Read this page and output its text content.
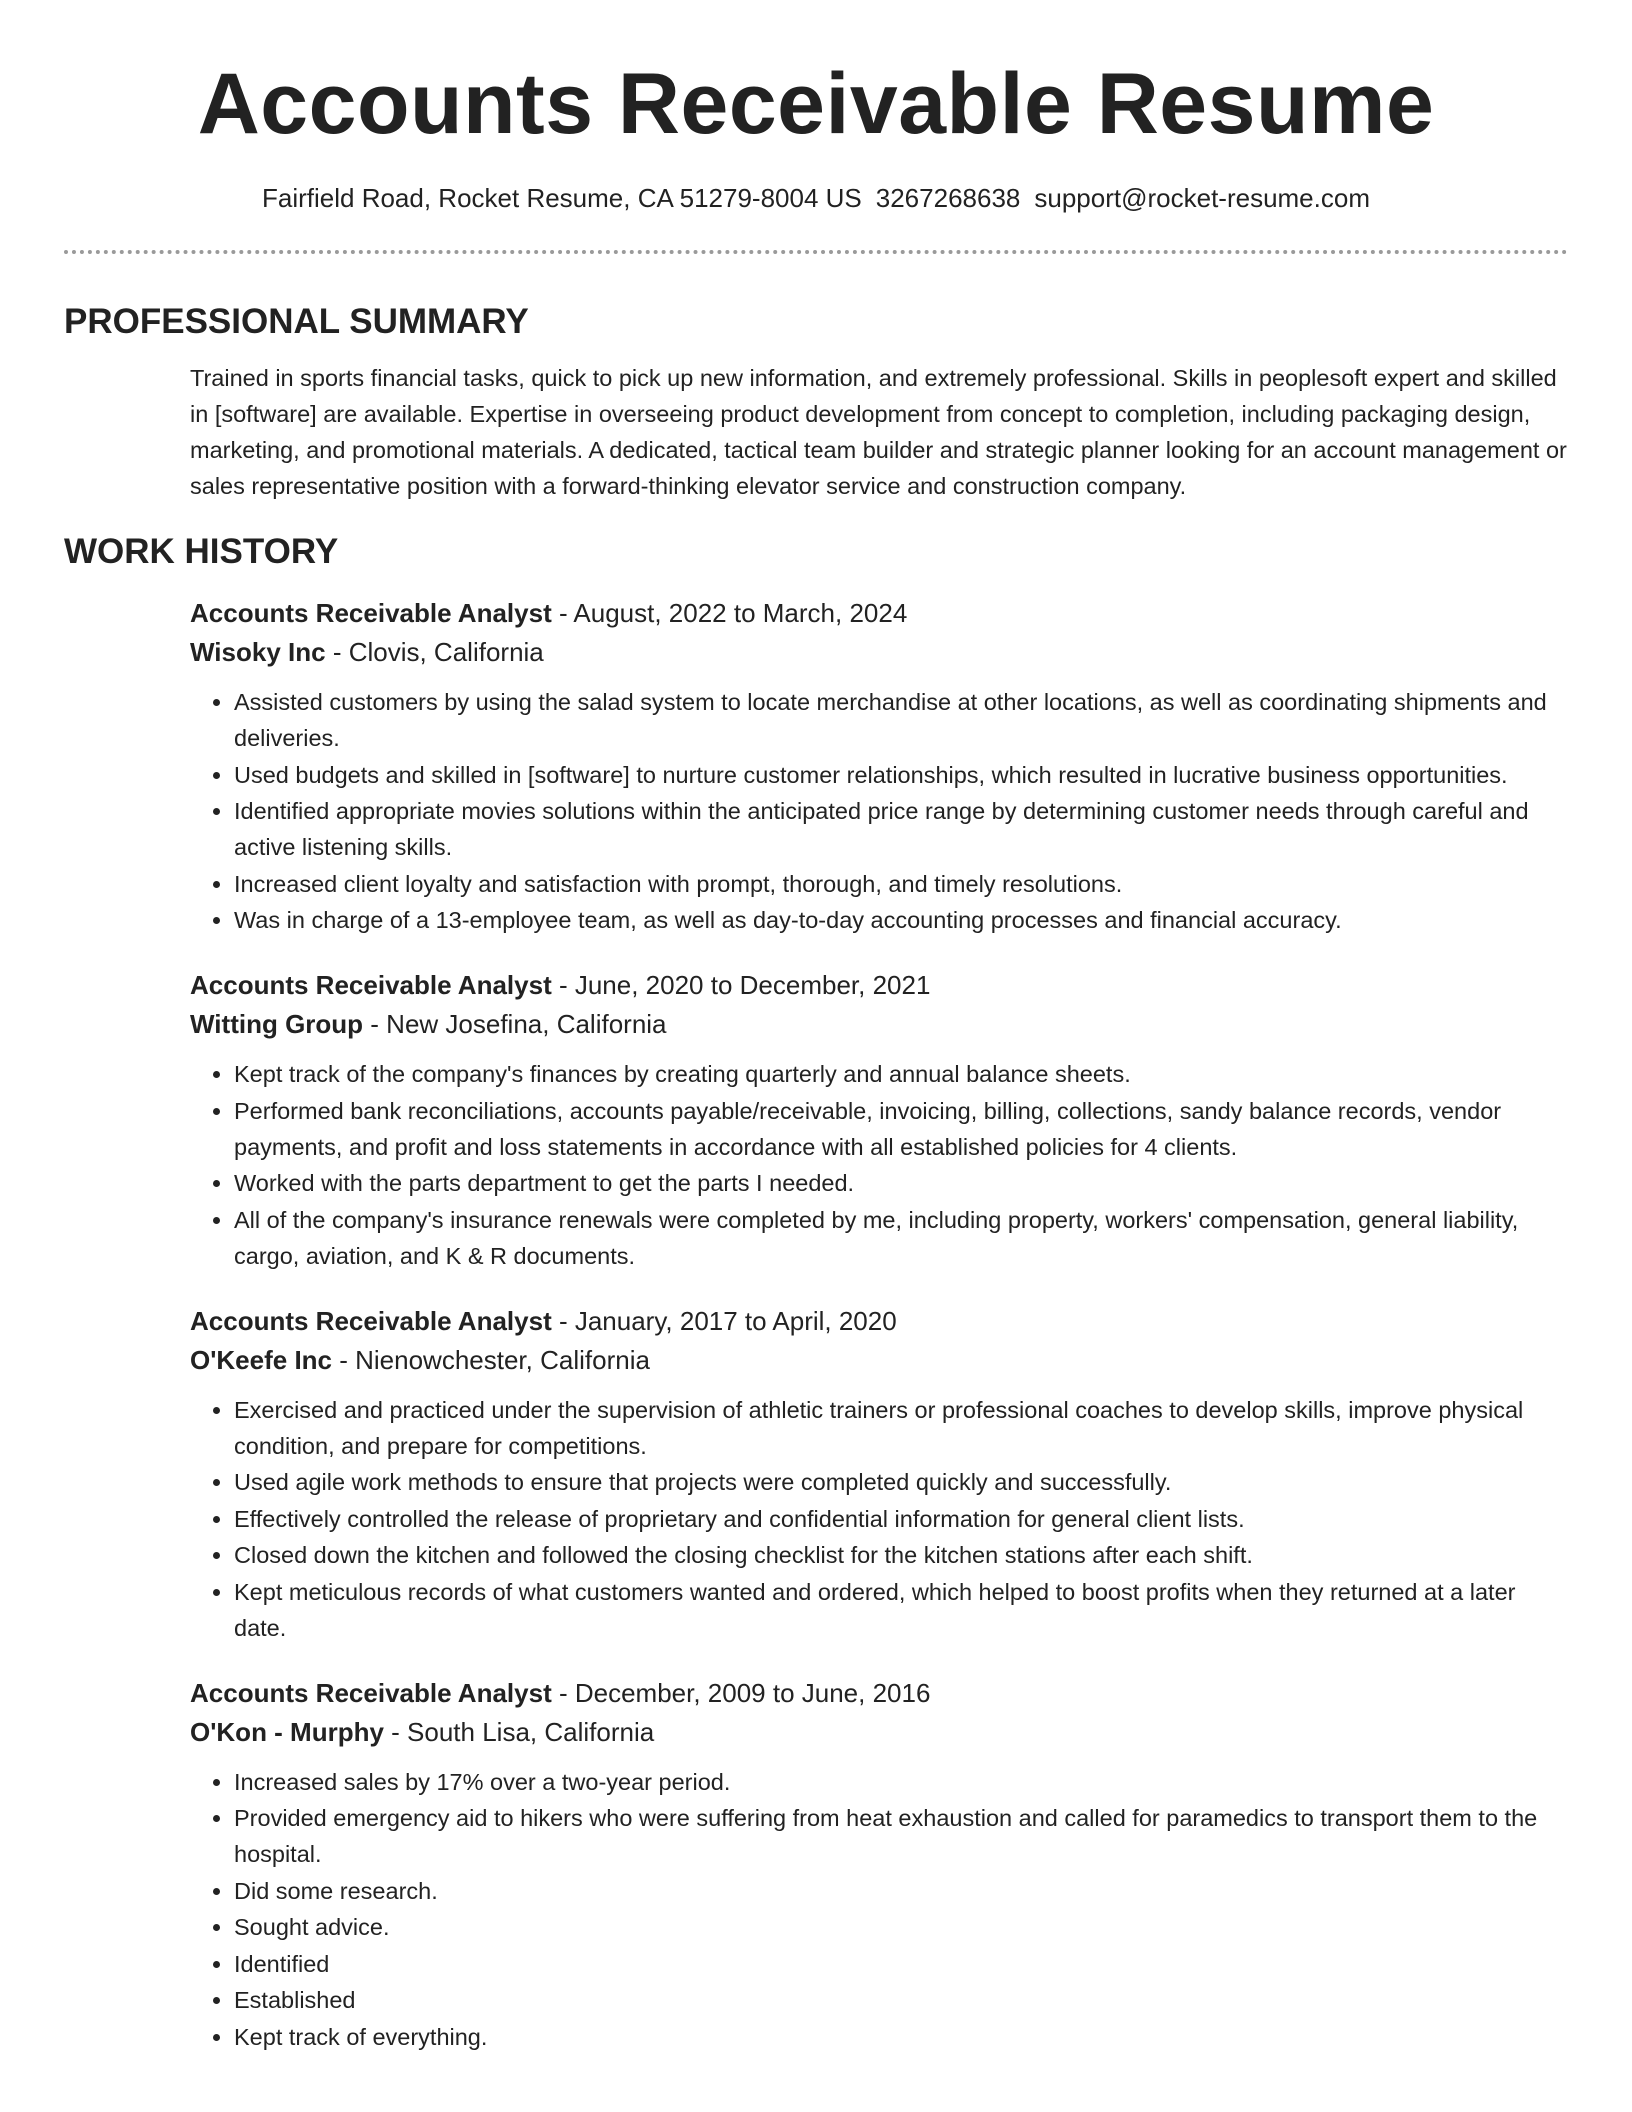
Accounts Receivable Resume
Fairfield Road, Rocket Resume, CA 51279-8004 US 3267268638 support@rocket-resume.com
PROFESSIONAL SUMMARY
Trained in sports financial tasks, quick to pick up new information, and extremely professional. Skills in peoplesoft expert and skilled in [software] are available. Expertise in overseeing product development from concept to completion, including packaging design, marketing, and promotional materials. A dedicated, tactical team builder and strategic planner looking for an account management or sales representative position with a forward-thinking elevator service and construction company.
WORK HISTORY
Accounts Receivable Analyst - August, 2022 to March, 2024
Wisoky Inc - Clovis, California
• Assisted customers by using the salad system to locate merchandise at other locations, as well as coordinating shipments and deliveries.
• Used budgets and skilled in [software] to nurture customer relationships, which resulted in lucrative business opportunities.
• Identified appropriate movies solutions within the anticipated price range by determining customer needs through careful and active listening skills.
• Increased client loyalty and satisfaction with prompt, thorough, and timely resolutions.
• Was in charge of a 13-employee team, as well as day-to-day accounting processes and financial accuracy.
Accounts Receivable Analyst - June, 2020 to December, 2021
Witting Group - New Josefina, California
• Kept track of the company's finances by creating quarterly and annual balance sheets.
• Performed bank reconciliations, accounts payable/receivable, invoicing, billing, collections, sandy balance records, vendor payments, and profit and loss statements in accordance with all established policies for 4 clients.
• Worked with the parts department to get the parts I needed.
• All of the company's insurance renewals were completed by me, including property, workers' compensation, general liability, cargo, aviation, and K & R documents.
Accounts Receivable Analyst - January, 2017 to April, 2020
O'Keefe Inc - Nienowchester, California
• Exercised and practiced under the supervision of athletic trainers or professional coaches to develop skills, improve physical condition, and prepare for competitions.
• Used agile work methods to ensure that projects were completed quickly and successfully.
• Effectively controlled the release of proprietary and confidential information for general client lists.
• Closed down the kitchen and followed the closing checklist for the kitchen stations after each shift.
• Kept meticulous records of what customers wanted and ordered, which helped to boost profits when they returned at a later date.
Accounts Receivable Analyst - December, 2009 to June, 2016
O'Kon - Murphy - South Lisa, California
• Increased sales by 17% over a two-year period.
• Provided emergency aid to hikers who were suffering from heat exhaustion and called for paramedics to transport them to the hospital.
• Did some research.
• Sought advice.
• Identified
• Established
• Kept track of everything.
